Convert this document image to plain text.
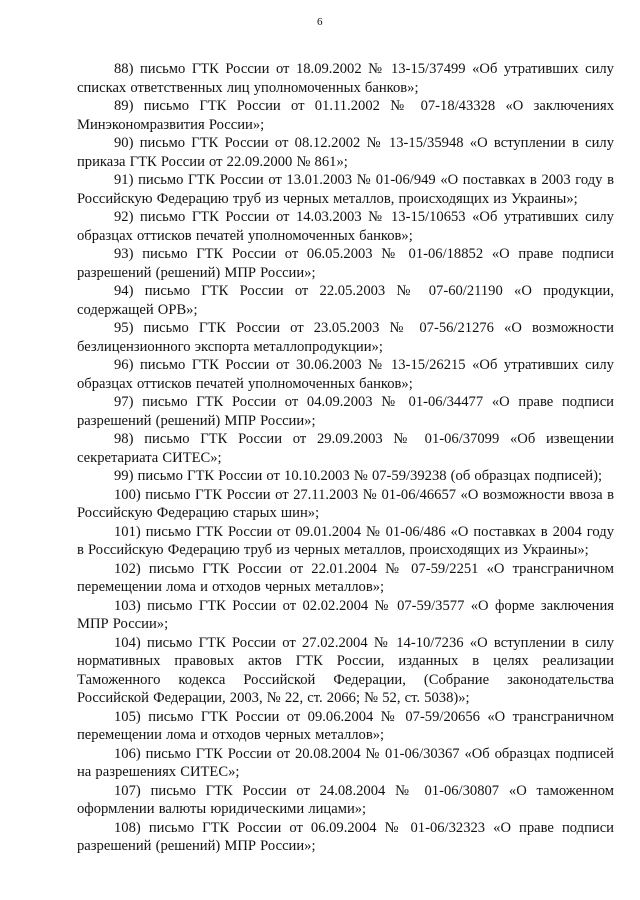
6

88) письмо ГТК России от 18.09.2002 № 13-15/37499 «Об утративших силу списках ответственных лиц уполномоченных банков»;

89) письмо ГТК России от 01.11.2002 № 07-18/43328 «О заключениях Минэкономразвития России»;

90) письмо ГТК России от 08.12.2002 № 13-15/35948 «О вступлении в силу приказа ГТК России от 22.09.2000 № 861»;

91) письмо ГТК России от 13.01.2003 № 01-06/949 «О поставках в 2003 году в Российскую Федерацию труб из черных металлов, происходящих из Украины»;

92) письмо ГТК России от 14.03.2003 № 13-15/10653 «Об утративших силу образцах оттисков печатей уполномоченных банков»;

93) письмо ГТК России от 06.05.2003 № 01-06/18852 «О праве подписи разрешений (решений) МПР России»;

94) письмо ГТК России от 22.05.2003 № 07-60/21190 «О продукции, содержащей ОРВ»;

95) письмо ГТК России от 23.05.2003 № 07-56/21276 «О возможности безлицензионного экспорта металлопродукции»;

96) письмо ГТК России от 30.06.2003 № 13-15/26215 «Об утративших силу образцах оттисков печатей уполномоченных банков»;

97) письмо ГТК России от 04.09.2003 № 01-06/34477 «О праве подписи разрешений (решений) МПР России»;

98) письмо ГТК России от 29.09.2003 № 01-06/37099 «Об извещении секретариата СИТЕС»;

99) письмо ГТК России от 10.10.2003 № 07-59/39238 (об образцах подписей);

100) письмо ГТК России от 27.11.2003 № 01-06/46657 «О возможности ввоза в Российскую Федерацию старых шин»;

101) письмо ГТК России от 09.01.2004 № 01-06/486 «О поставках в 2004 году в Российскую Федерацию труб из черных металлов, происходящих из Украины»;

102) письмо ГТК России от 22.01.2004 № 07-59/2251 «О трансграничном перемещении лома и отходов черных металлов»;

103) письмо ГТК России от 02.02.2004 № 07-59/3577 «О форме заключения МПР России»;

104) письмо ГТК России от 27.02.2004 № 14-10/7236 «О вступлении в силу нормативных правовых актов ГТК России, изданных в целях реализации Таможенного кодекса Российской Федерации, (Собрание законодательства Российской Федерации, 2003, № 22, ст. 2066; № 52, ст. 5038)»;

105) письмо ГТК России от 09.06.2004 № 07-59/20656 «О трансграничном перемещении лома и отходов черных металлов»;

106) письмо ГТК России от 20.08.2004 № 01-06/30367 «Об образцах подписей на разрешениях СИТЕС»;

107) письмо ГТК России от 24.08.2004 № 01-06/30807 «О таможенном оформлении валюты юридическими лицами»;

108) письмо ГТК России от 06.09.2004 № 01-06/32323 «О праве подписи разрешений (решений) МПР России»;
